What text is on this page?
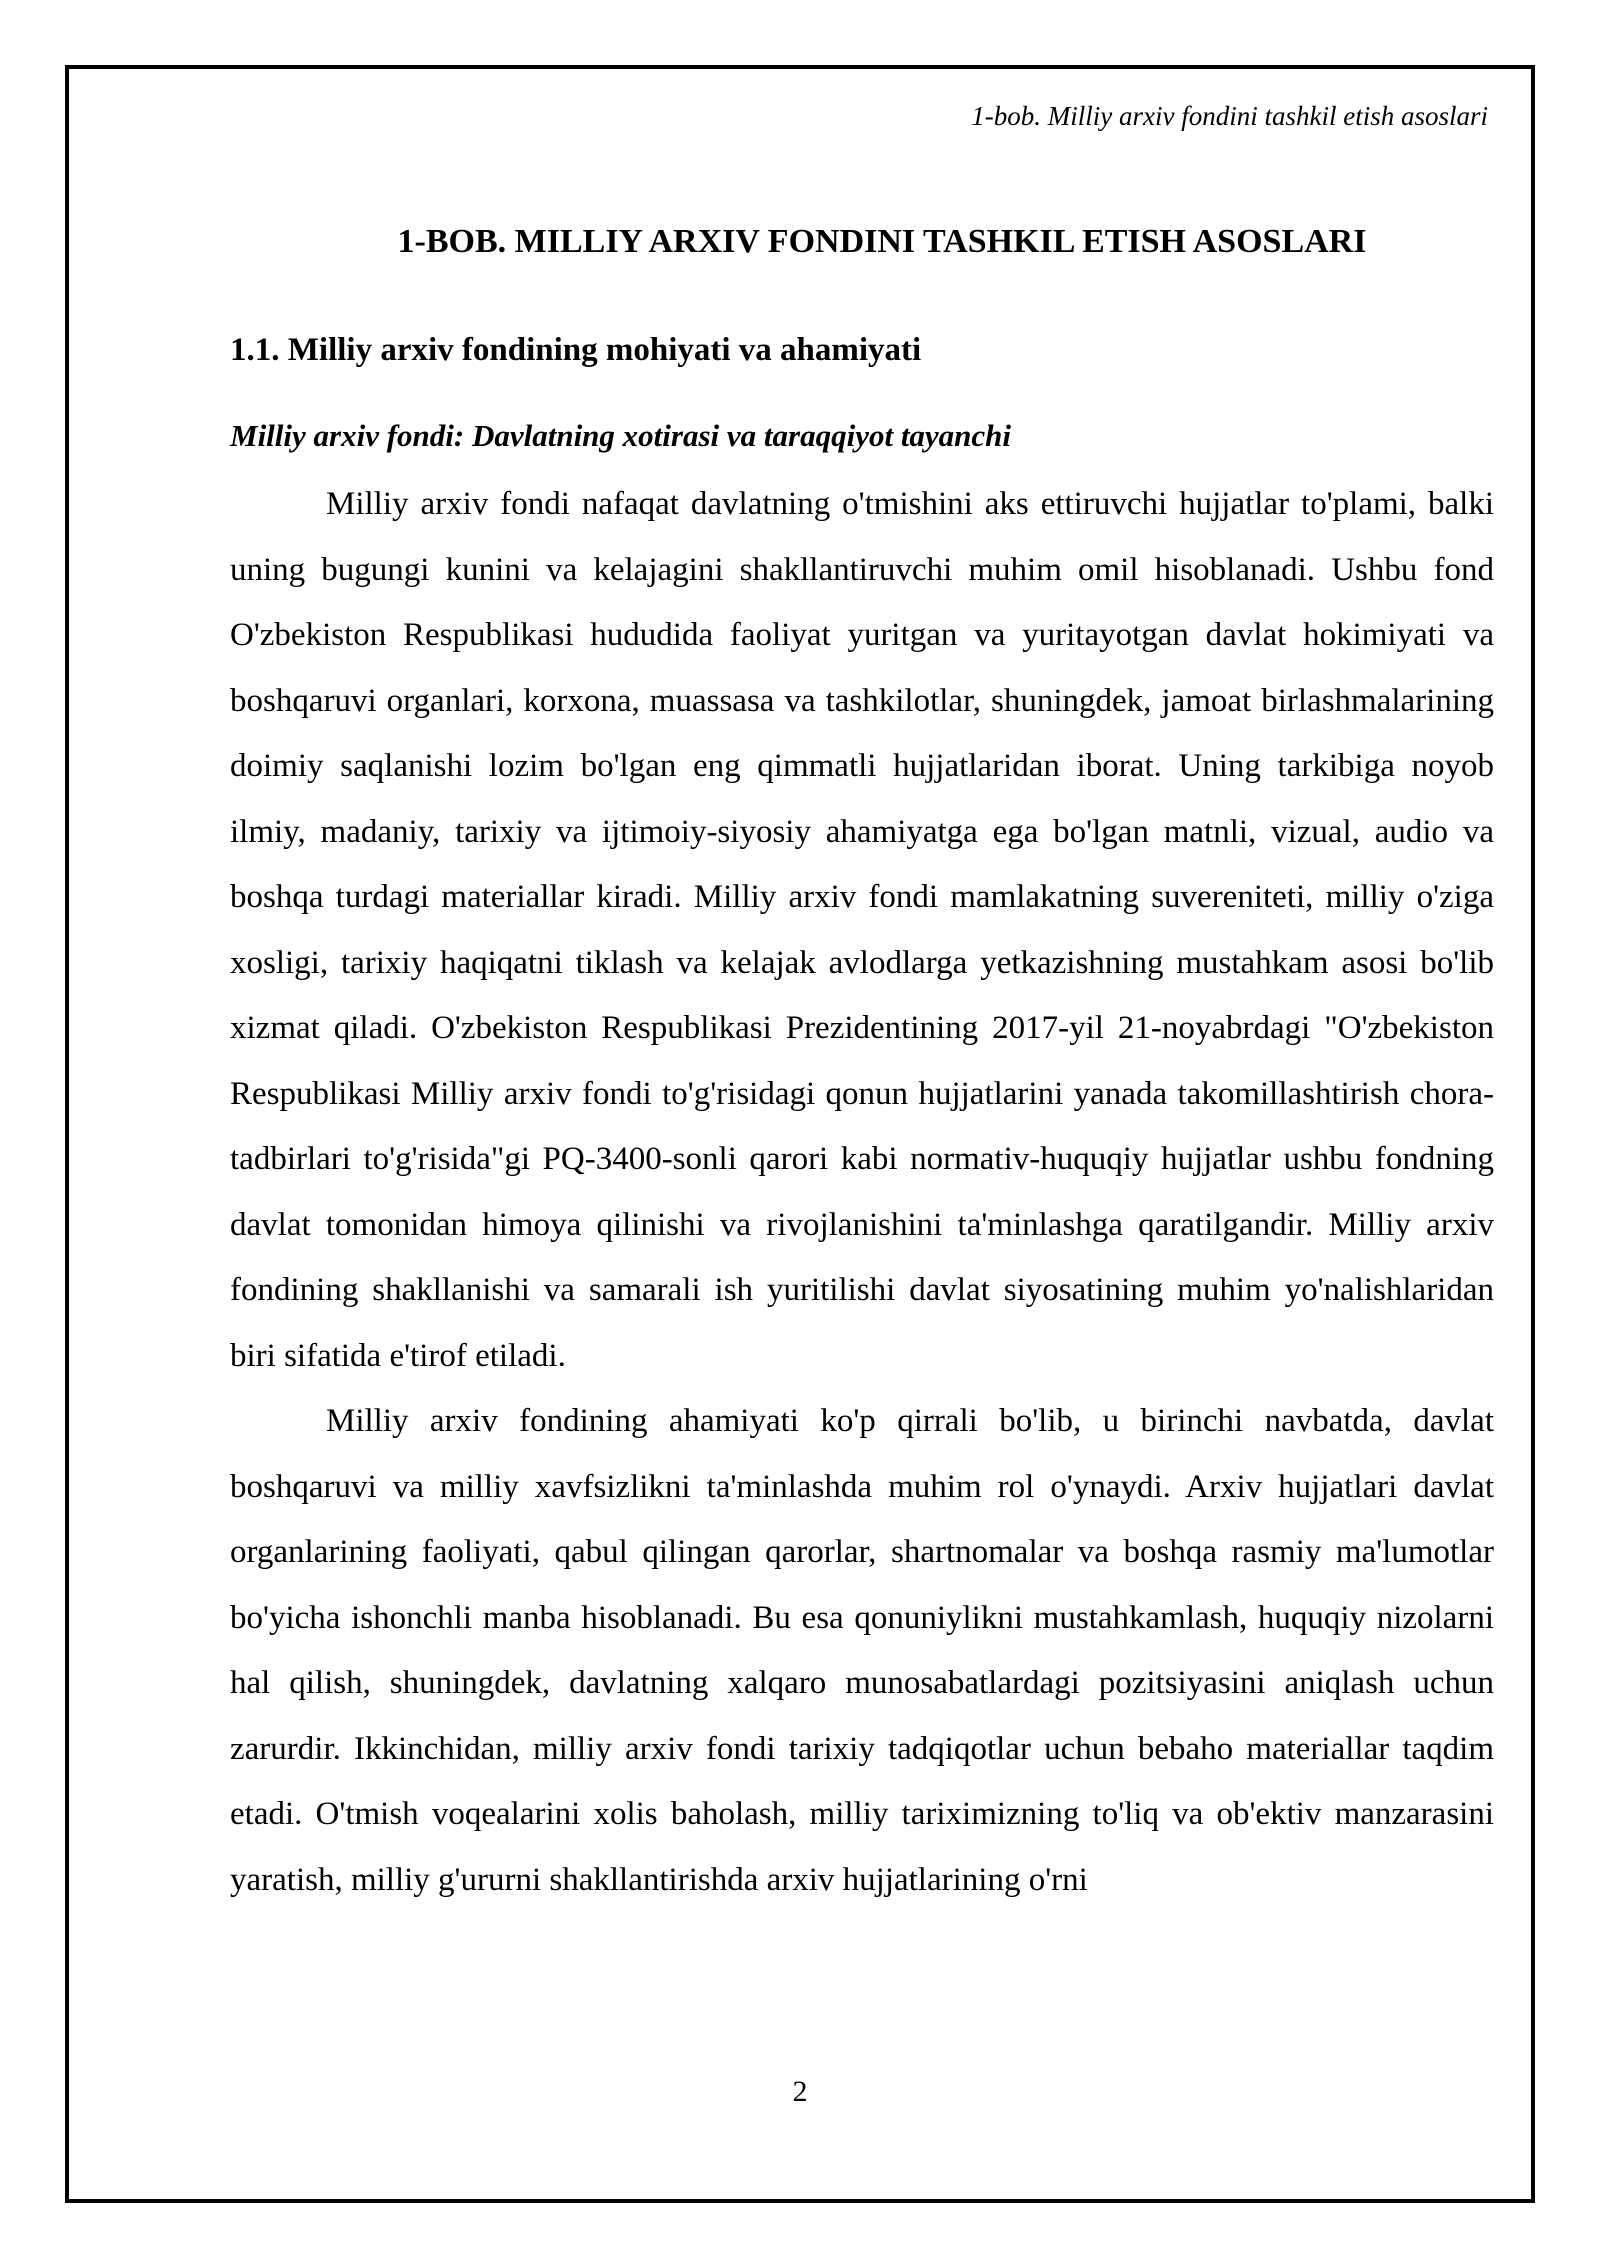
1-bob. Milliy arxiv fondini tashkil etish asoslari
1-BOB. MILLIY ARXIV FONDINI TASHKIL ETISH ASOSLARI
1.1. Milliy arxiv fondining mohiyati va ahamiyati
Milliy arxiv fondi: Davlatning xotirasi va taraqqiyot tayanchi

Milliy arxiv fondi nafaqat davlatning o'tmishini aks ettiruvchi hujjatlar to'plami, balki uning bugungi kunini va kelajagini shakllantiruvchi muhim omil hisoblanadi. Ushbu fond O'zbekiston Respublikasi hududida faoliyat yuritgan va yuritayotgan davlat hokimiyati va boshqaruvi organlari, korxona, muassasa va tashkilotlar, shuningdek, jamoat birlashmalarining doimiy saqlanishi lozim bo'lgan eng qimmatli hujjatlaridan iborat. Uning tarkibiga noyob ilmiy, madaniy, tarixiy va ijtimoiy-siyosiy ahamiyatga ega bo'lgan matnli, vizual, audio va boshqa turdagi materiallar kiradi. Milliy arxiv fondi mamlakatning suvereniteti, milliy o'ziga xosligi, tarixiy haqiqatni tiklash va kelajak avlodlarga yetkazishning mustahkam asosi bo'lib xizmat qiladi. O'zbekiston Respublikasi Prezidentining 2017-yil 21-noyabrdagi "O'zbekiston Respublikasi Milliy arxiv fondi to'g'risidagi qonun hujjatlarini yanada takomillashtirish chora-tadbirlari to'g'risida"gi PQ-3400-sonli qarori kabi normativ-huquqiy hujjatlar ushbu fondning davlat tomonidan himoya qilinishi va rivojlanishini ta'minlashga qaratilgandir. Milliy arxiv fondining shakllanishi va samarali ish yuritilishi davlat siyosatining muhim yo'nalishlaridan biri sifatida e'tirof etiladi.

Milliy arxiv fondining ahamiyati ko'p qirrali bo'lib, u birinchi navbatda, davlat boshqaruvi va milliy xavfsizlikni ta'minlashda muhim rol o'ynaydi. Arxiv hujjatlari davlat organlarining faoliyati, qabul qilingan qarorlar, shartnomalar va boshqa rasmiy ma'lumotlar bo'yicha ishonchli manba hisoblanadi. Bu esa qonuniylikni mustahkamlash, huquqiy nizolarni hal qilish, shuningdek, davlatning xalqaro munosabatlardagi pozitsiyasini aniqlash uchun zarurdir. Ikkinchidan, milliy arxiv fondi tarixiy tadqiqotlar uchun bebaho materiallar taqdim etadi. O'tmish voqealarini xolis baholash, milliy tariximizning to'liq va ob'ektiv manzarasini yaratish, milliy g'ururni shakllantirishda arxiv hujjatlarining o'rni

2
